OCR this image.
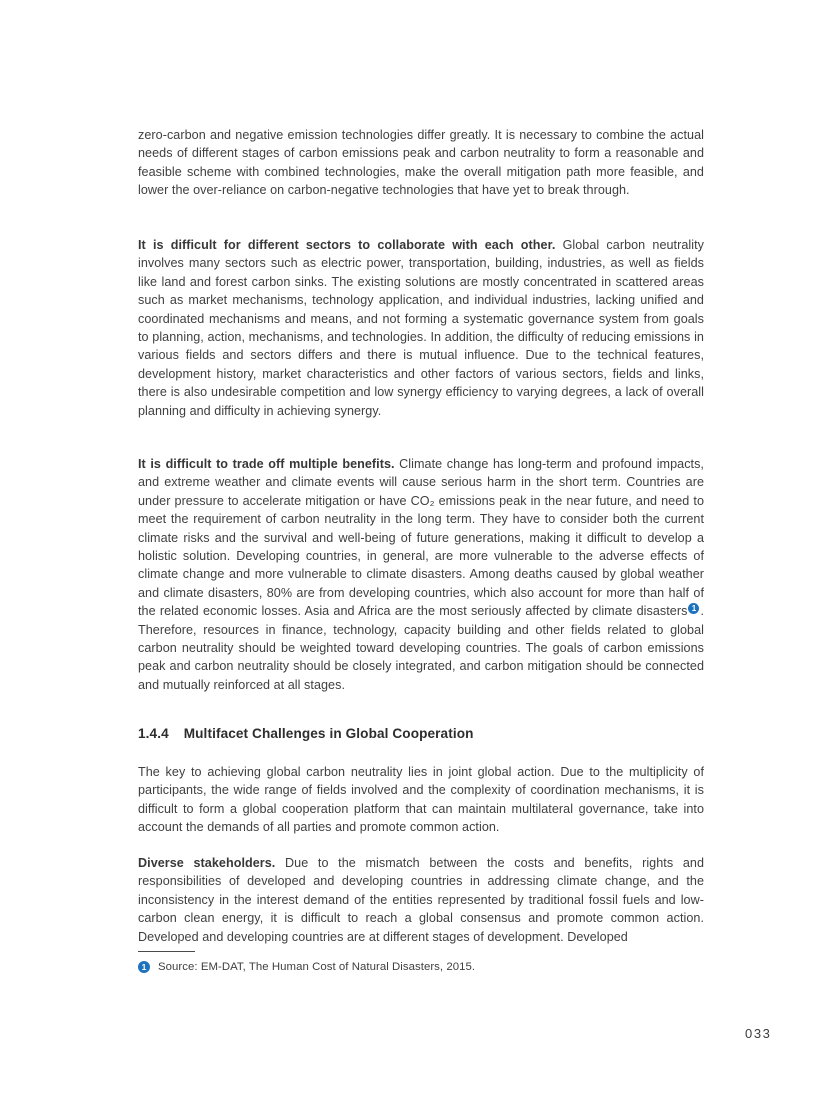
zero-carbon and negative emission technologies differ greatly. It is necessary to combine the actual needs of different stages of carbon emissions peak and carbon neutrality to form a reasonable and feasible scheme with combined technologies, make the overall mitigation path more feasible, and lower the over-reliance on carbon-negative technologies that have yet to break through.

It is difficult for different sectors to collaborate with each other. Global carbon neutrality involves many sectors such as electric power, transportation, building, industries, as well as fields like land and forest carbon sinks. The existing solutions are mostly concentrated in scattered areas such as market mechanisms, technology application, and individual industries, lacking unified and coordinated mechanisms and means, and not forming a systematic governance system from goals to planning, action, mechanisms, and technologies. In addition, the difficulty of reducing emissions in various fields and sectors differs and there is mutual influence. Due to the technical features, development history, market characteristics and other factors of various sectors, fields and links, there is also undesirable competition and low synergy efficiency to varying degrees, a lack of overall planning and difficulty in achieving synergy.

It is difficult to trade off multiple benefits. Climate change has long-term and profound impacts, and extreme weather and climate events will cause serious harm in the short term. Countries are under pressure to accelerate mitigation or have CO₂ emissions peak in the near future, and need to meet the requirement of carbon neutrality in the long term. They have to consider both the current climate risks and the survival and well-being of future generations, making it difficult to develop a holistic solution. Developing countries, in general, are more vulnerable to the adverse effects of climate change and more vulnerable to climate disasters. Among deaths caused by global weather and climate disasters, 80% are from developing countries, which also account for more than half of the related economic losses. Asia and Africa are the most seriously affected by climate disasters $^1$ . Therefore, resources in finance, technology, capacity building and other fields related to global carbon neutrality should be weighted toward developing countries. The goals of carbon emissions peak and carbon neutrality should be closely integrated, and carbon mitigation should be connected and mutually reinforced at all stages.

1.4.4 Multifacet Challenges in Global Cooperation

The key to achieving global carbon neutrality lies in joint global action. Due to the multiplicity of participants, the wide range of fields involved and the complexity of coordination mechanisms, it is difficult to form a global cooperation platform that can maintain multilateral governance, take into account the demands of all parties and promote common action.

Diverse stakeholders. Due to the mismatch between the costs and benefits, rights and responsibilities of developed and developing countries in addressing climate change, and the inconsistency in the interest demand of the entities represented by traditional fossil fuels and low-carbon clean energy, it is difficult to reach a global consensus and promote common action. Developed and developing countries are at different stages of development. Developed

1	Source: EM-DAT, The Human Cost of Natural Disasters, 2015.
033
